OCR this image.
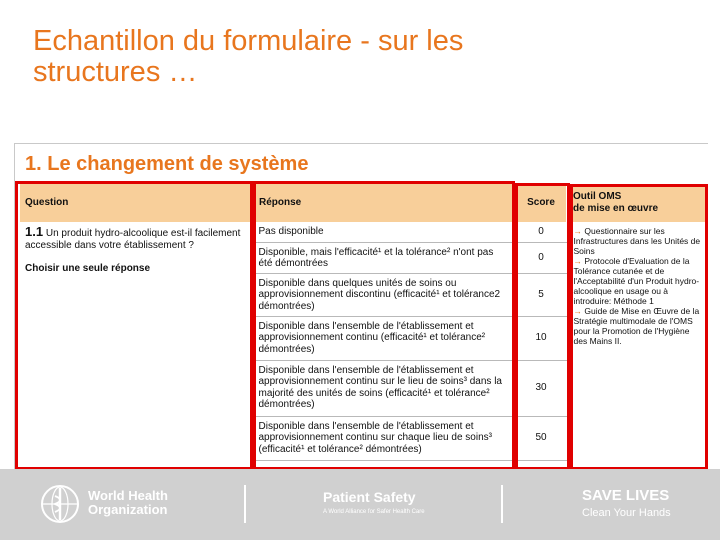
Echantillon du formulaire - sur les
structures …
1. Le changement de système
Question	Réponse	Score	Outil OMS
de mise en œuvre
1.1 Un produit hydro-alcoolique est-il facilement accessible dans votre établissement ?
Choisir une seule réponse	Pas disponible	0	→ Questionnaire sur les Infrastructures dans les Unités de Soins
→ Protocole d'Evaluation de la Tolérance cutanée et de l'Acceptabilité d'un Produit hydro-alcoolique en usage ou à introduire: Méthode 1
→ Guide de Mise en Œuvre de la Stratégie multimodale de l'OMS pour la Promotion de l'Hygiène des Mains II.

	Disponible, mais l'efficacité¹ et la tolérance² n'ont pas été démontrées	0	
	Disponible dans quelques unités de soins ou approvisionnement discontinu (efficacité¹ et tolérance2 démontrées)	5	
	Disponible dans l'ensemble de l'établissement et approvisionnement continu (efficacité¹ et tolérance² démontrées)	10	
	Disponible dans l'ensemble de l'établissement et approvisionnement continu sur le lieu de soins³ dans la majorité des unités de soins (efficacité¹ et tolérance² démontrées)	30	
	Disponible dans l'ensemble de l'établissement et approvisionnement continu sur chaque lieu de soins³ (efficacité¹ et tolérance² démontrées)	50	
World Health
Organization
Patient Safety
A World Alliance for Safer Health Care
SAVE LIVES
Clean Your Hands
